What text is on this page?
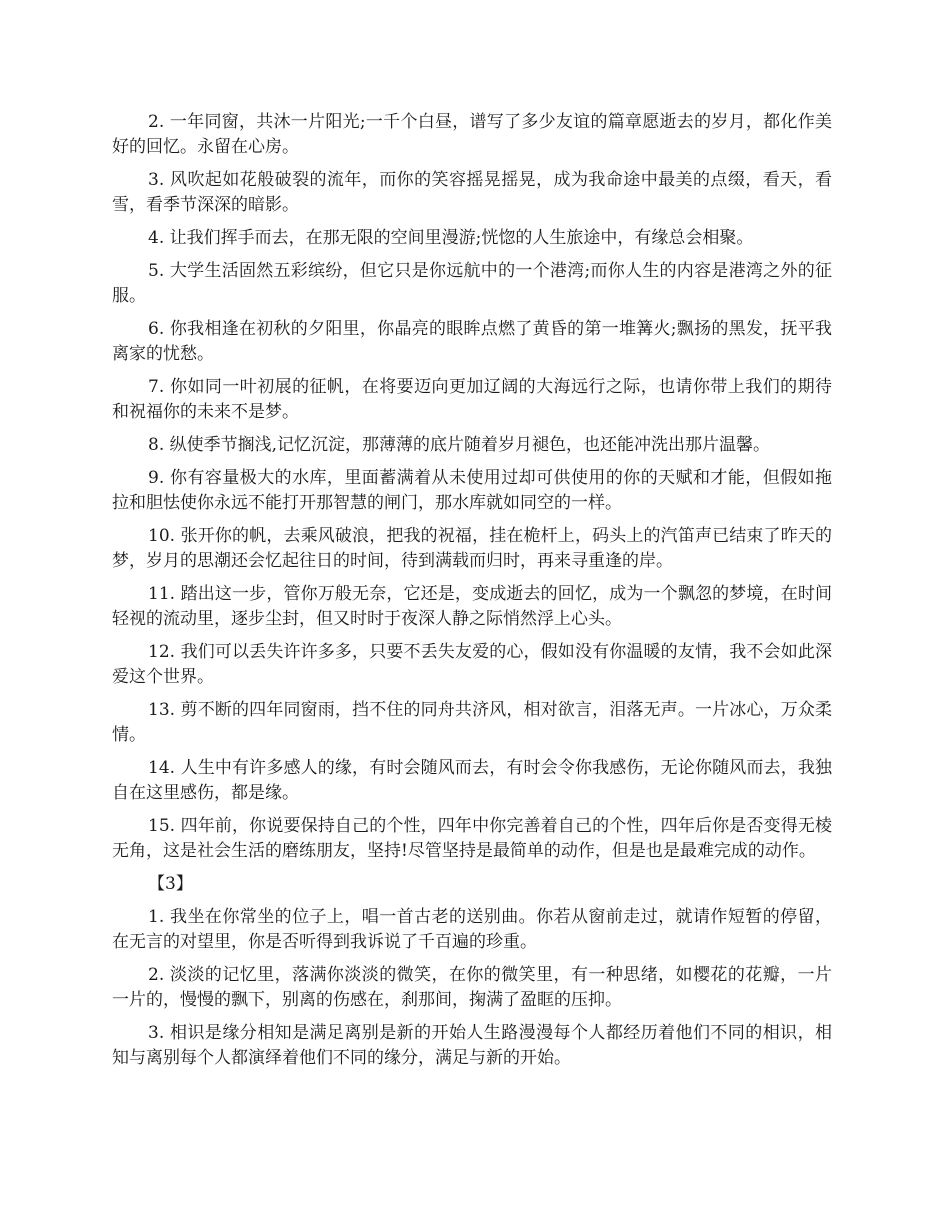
2. 一年同窗，共沐一片阳光;一千个白昼，谱写了多少友谊的篇章愿逝去的岁月，都化作美好的回忆。永留在心房。

3. 风吹起如花般破裂的流年，而你的笑容摇晃摇晃，成为我命途中最美的点缀，看天，看雪，看季节深深的暗影。

4. 让我们挥手而去，在那无限的空间里漫游;恍惚的人生旅途中，有缘总会相聚。

5. 大学生活固然五彩缤纷，但它只是你远航中的一个港湾;而你人生的内容是港湾之外的征服。

6. 你我相逢在初秋的夕阳里，你晶亮的眼眸点燃了黄昏的第一堆篝火;飘扬的黑发，抚平我离家的忧愁。

7. 你如同一叶初展的征帆，在将要迈向更加辽阔的大海远行之际，也请你带上我们的期待和祝福你的未来不是梦。

8. 纵使季节搁浅,记忆沉淀，那薄薄的底片随着岁月褪色，也还能冲洗出那片温馨。

9. 你有容量极大的水库，里面蓄满着从未使用过却可供使用的你的天赋和才能，但假如拖拉和胆怯使你永远不能打开那智慧的闸门，那水库就如同空的一样。

10. 张开你的帆，去乘风破浪，把我的祝福，挂在桅杆上，码头上的汽笛声已结束了昨天的梦，岁月的思潮还会忆起往日的时间，待到满载而归时，再来寻重逢的岸。

11. 踏出这一步，管你万般无奈，它还是，变成逝去的回忆，成为一个飘忽的梦境，在时间轻视的流动里，逐步尘封，但又时时于夜深人静之际悄然浮上心头。

12. 我们可以丢失许许多多，只要不丢失友爱的心，假如没有你温暖的友情，我不会如此深爱这个世界。

13. 剪不断的四年同窗雨，挡不住的同舟共济风，相对欲言，泪落无声。一片冰心，万众柔情。

14. 人生中有许多感人的缘，有时会随风而去，有时会令你我感伤，无论你随风而去，我独自在这里感伤，都是缘。

15. 四年前，你说要保持自己的个性，四年中你完善着自己的个性，四年后你是否变得无棱无角，这是社会生活的磨练朋友，坚持!尽管坚持是最简单的动作，但是也是最难完成的动作。

【3】

1. 我坐在你常坐的位子上，唱一首古老的送别曲。你若从窗前走过，就请作短暂的停留，在无言的对望里，你是否听得到我诉说了千百遍的珍重。

2. 淡淡的记忆里，落满你淡淡的微笑，在你的微笑里，有一种思绪，如樱花的花瓣，一片一片的，慢慢的飘下，别离的伤感在，刹那间，掬满了盈眶的压抑。

3. 相识是缘分相知是满足离别是新的开始人生路漫漫每个人都经历着他们不同的相识，相知与离别每个人都演绎着他们不同的缘分，满足与新的开始。
